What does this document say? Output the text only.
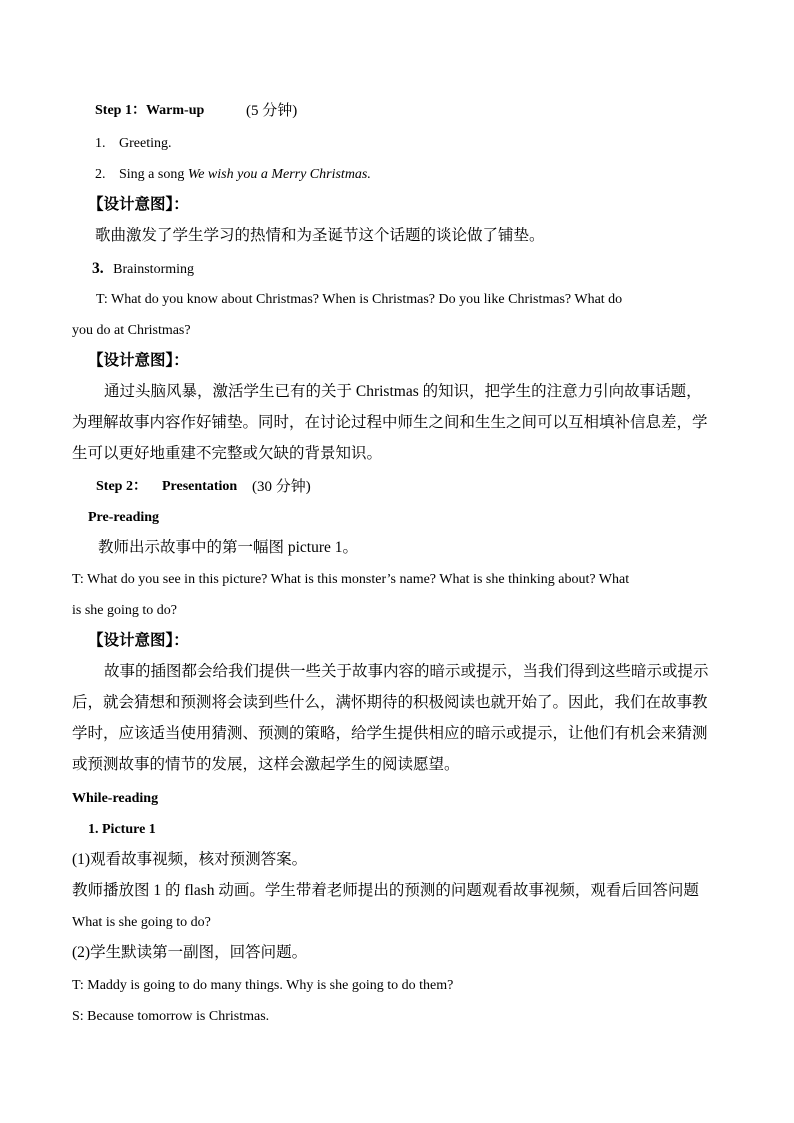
Step 1：Warm-up	(5 分钟)
1. Greeting.
2. Sing a song We wish you a Merry Christmas.
【设计意图】：
歌曲激发了学生学习的热情和为圣诞节这个话题的谈论做了铺垫。
3. Brainstorming
T: What do you know about Christmas? When is Christmas? Do you like Christmas? What do
you do at Christmas?
【设计意图】：
通过头脑风暴，激活学生已有的关于 Christmas 的知识，把学生的注意力引向故事话题，
为理解故事内容作好铺垫。同时，在讨论过程中师生之间和生生之间可以互相填补信息差，学
生可以更好地重建不完整或欠缺的背景知识。
Step 2： Presentation (30 分钟)
Pre-reading
教师出示故事中的第一幅图 picture 1。
T: What do you see in this picture? What is this monster’s name? What is she thinking about? What
is she going to do?
【设计意图】：
故事的插图都会给我们提供一些关于故事内容的暗示或提示，当我们得到这些暗示或提示
后，就会猜想和预测将会读到些什么，满怀期待的积极阅读也就开始了。因此，我们在故事教
学时，应该适当使用猜测、预测的策略，给学生提供相应的暗示或提示，让他们有机会来猜测
或预测故事的情节的发展，这样会激起学生的阅读愿望。
While-reading
1. Picture 1
(1)观看故事视频，核对预测答案。
教师播放图 1 的 flash 动画。学生带着老师提出的预测的问题观看故事视频，观看后回答问题
What is she going to do?
(2)学生默读第一副图，回答问题。
T: Maddy is going to do many things. Why is she going to do them?
S: Because tomorrow is Christmas.
